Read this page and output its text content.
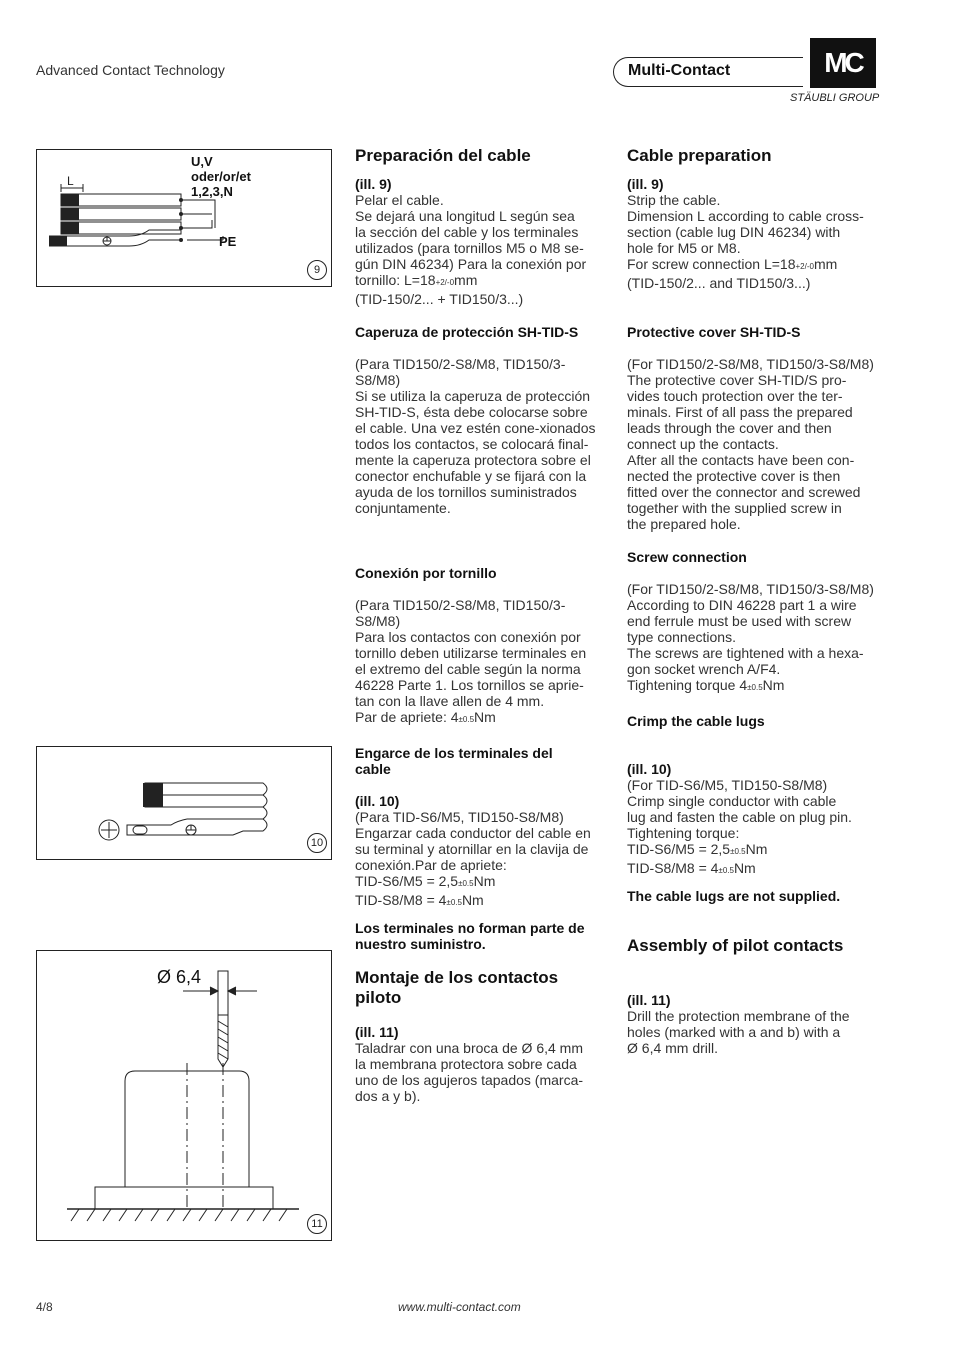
Advanced Contact Technology	Multi-Contact	MC
STÄUBLI GROUP
L
U,V
oder/or/et
1,2,3,N
PE
9
10
Ø 6,4
11
Preparación del cable
(ill. 9)
Pelar el cable.
Se dejará una longitud L según sea
la sección del cable y los terminales
utilizados (para tornillos M5 o M8 se-
gún DIN 46234) Para la conexión por
tornillo: L=18+2/-0mm
(TID-150/2... + TID150/3...)
Caperuza de protección SH-TID-S
(Para TID150/2-S8/M8, TID150/3-S8/M8)
Si se utiliza la caperuza de protección
SH-TID-S, ésta debe colocarse sobre
el cable. Una vez estén cone-xionados
todos los contactos, se colocará final-
mente la caperuza protectora sobre el
conector enchufable y se fijará con la
ayuda de los tornillos suministrados
conjuntamente.
Conexión por tornillo
(Para TID150/2-S8/M8, TID150/3-S8/M8)
Para los contactos con conexión por
tornillo deben utilizarse terminales en
el extremo del cable según la norma
46228 Parte 1. Los tornillos se aprie-
tan con la llave allen de 4 mm.
Par de apriete: 4±0.5Nm
Engarce de los terminales del
cable
(ill. 10)
(Para TID-S6/M5, TID150-S8/M8)
Engarzar cada conductor del cable en
su terminal y atornillar en la clavija de
conexión.Par de apriete:
TID-S6/M5 = 2,5±0.5Nm
TID-S8/M8 = 4±0.5Nm
Los terminales no forman parte de
nuestro suministro.
Montaje de los contactos
piloto
(ill. 11)
Taladrar con una broca de Ø 6,4 mm
la membrana protectora sobre cada
uno de los agujeros tapados (marca-
dos a y b).
Cable preparation
(ill. 9)
Strip the cable.
Dimension L according to cable cross-
section (cable lug DIN 46234) with
hole for M5 or M8.
For screw connection L=18+2/-0mm
(TID-150/2... and TID150/3...)
Protective cover SH-TID-S
(For TID150/2-S8/M8, TID150/3-S8/M8)
The protective cover SH-TID/S pro-
vides touch protection over the ter-
minals. First of all pass the prepared
leads through the cover and then
connect up the contacts.
After all the contacts have been con-
nected the protective cover is then
fitted over the connector and screwed
together with the supplied screw in
the prepared hole.
Screw connection
(For TID150/2-S8/M8, TID150/3-S8/M8)
According to DIN 46228 part 1 a wire
end ferrule must be used with screw
type connections.
The screws are tightened with a hexa-
gon socket wrench A/F4.
Tightening torque 4±0.5Nm
Crimp the cable lugs
(ill. 10)
(For TID-S6/M5, TID150-S8/M8)
Crimp single conductor with cable
lug and fasten the cable on plug pin.
Tightening torque:
TID-S6/M5 = 2,5±0.5Nm
TID-S8/M8 = 4±0.5Nm
The cable lugs are not supplied.
Assembly of pilot contacts
(ill. 11)
Drill the protection membrane of the
holes (marked with a and b) with a
Ø 6,4 mm drill.
4/8	www.multi-contact.com
